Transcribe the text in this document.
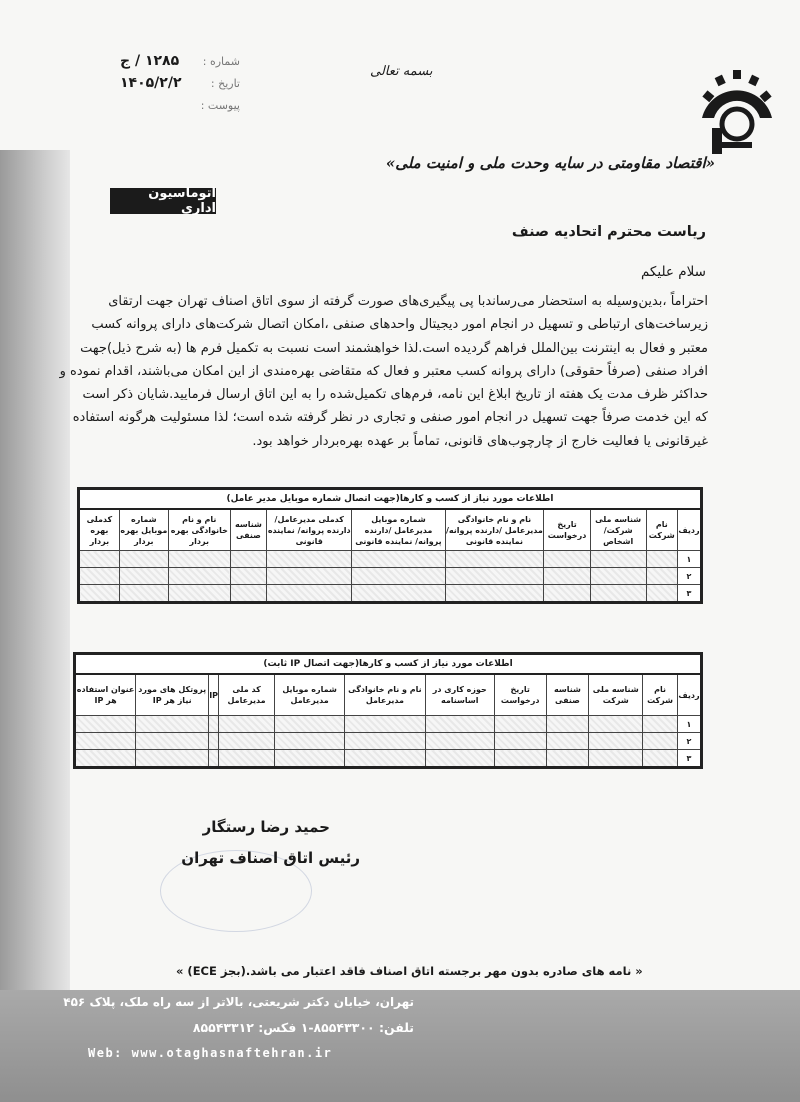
شماره :
۱۲۸۵ / ج
تاریخ :
۱۴۰۵/۲/۲
پیوست :
بسمه تعالی
«اقتصاد مقاومتی در سایه وحدت ملی و امنیت ملی»
اتوماسیون اداری
ریاست محترم اتحادیه صنف
سلام علیکم
احتراماً ،بدین‌وسیله به استحضار می‌رساندبا پی پیگیری‌های صورت گرفته از سوی اتاق اصناف تهران جهت ارتقای
زیرساخت‌های ارتباطی و تسهیل در انجام امور دیجیتال واحدهای صنفی ،امکان اتصال شرکت‌های دارای پروانه کسب
معتبر و فعال به اینترنت بین‌الملل فراهم گردیده است.لذا خواهشمند است نسبت به تکمیل فرم ها (به شرح ذیل)جهت
افراد صنفی (صرفاً حقوقی) دارای پروانه کسب معتبر و فعال که متقاضی بهره‌مندی از این امکان می‌باشند، اقدام نموده و
حداکثر ظرف مدت یک هفته از تاریخ ابلاغ این نامه، فرم‌های تکمیل‌شده را به این اتاق ارسال فرمایید.شایان ذکر است
که این خدمت صرفاً جهت تسهیل در انجام امور صنفی و تجاری در نظر گرفته شده است؛ لذا مسئولیت هرگونه استفاده
غیرقانونی یا فعالیت خارج از چارچوب‌های قانونی، تماماً بر عهده بهره‌بردار خواهد بود.
اطلاعات مورد نیاز از کسب و کارها(جهت اتصال شماره موبایل مدیر عامل)										
ردیف	نام شرکت	شناسه ملی شرکت/ اشخاص	تاریخ درخواست	نام و نام خانوادگی مدیرعامل /دارنده پروانه/ نماینده قانونی	شماره موبایل مدیرعامل /دارنده پروانه/ نماینده قانونی	کدملی مدیرعامل/دارنده پروانه/ نماینده قانونی	شناسه صنفی	نام و نام خانوادگی بهره بردار	شماره موبایل بهره بردار	کدملی بهره بردار
۱										
۲										
۳										
اطلاعات مورد نیاز از کسب و کارها(جهت اتصال IP ثابت)											
ردیف	نام شرکت	شناسه ملی شرکت	شناسه صنفی	تاریخ درخواست	حوزه کاری در اساسنامه	نام و نام خانوادگی مدیرعامل	شماره موبایل مدیرعامل	کد ملی مدیرعامل	IP	پروتکل های مورد نیاز هر IP	عنوان استفاده هر IP
۱											
۲											
۳											
حمید رضا رستگار
رئیس اتاق اصناف تهران
« نامه های صادره بدون مهر برجسته اتاق اصناف فاقد اعتبار می باشد.(بجز ECE) »
تهران، خیابان دکتر شریعتی، بالاتر از سه راه ملک، پلاک ۴۵۶
تلفن: ۸۵۵۴۳۳۰۰-۱ فکس: ۸۵۵۴۳۳۱۲
Web: www.otaghasnaftehran.ir
